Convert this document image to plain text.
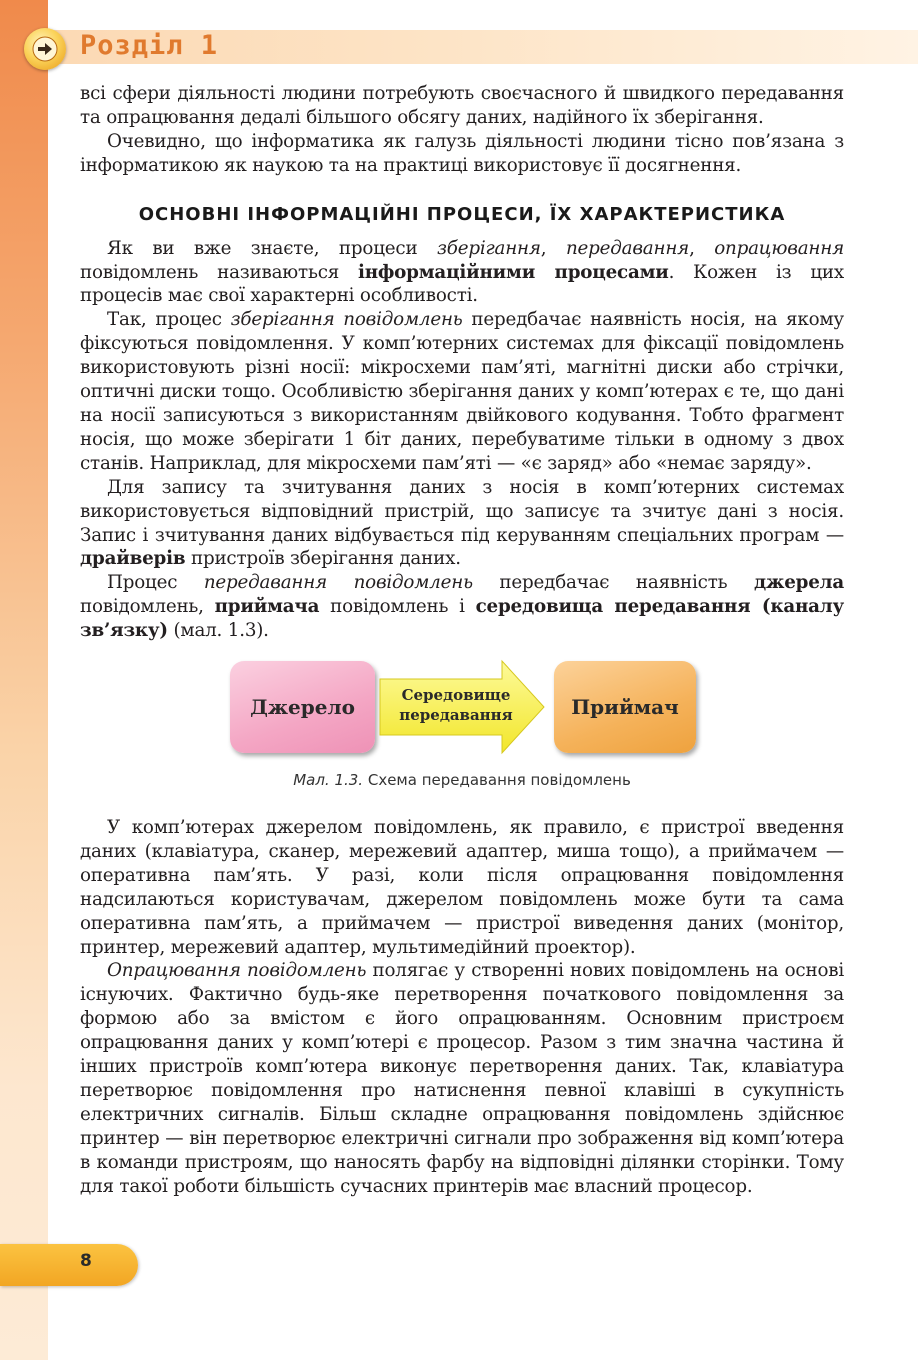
Розділ 1

всі сфери діяльності людини потребують своєчасного й швидкого передавання та опрацювання дедалі більшого обсягу даних, надійного їх зберігання.

Очевидно, що інформатика як галузь діяльності людини тісно пов’язана з інформатикою як наукою та на практиці використовує її досягнення.

ОСНОВНІ ІНФОРМАЦІЙНІ ПРОЦЕСИ, ЇХ ХАРАКТЕРИСТИКА

Як ви вже знаєте, процеси зберігання, передавання, опрацювання повідомлень називаються інформаційними процесами. Кожен із цих процесів має свої характерні особливості.

Так, процес зберігання повідомлень передбачає наявність носія, на якому фіксуються повідомлення. У комп’ютерних системах для фіксації повідомлень використовують різні носії: мікросхеми пам’яті, магнітні диски або стрічки, оптичні диски тощо. Особливістю зберігання даних у комп’ютерах є те, що дані на носії записуються з використанням двійкового кодування. Тобто фрагмент носія, що може зберігати 1 біт даних, перебуватиме тільки в одному з двох станів. Наприклад, для мікросхеми пам’яті — «є заряд» або «немає заряду».

Для запису та зчитування даних з носія в комп’ютерних системах використовується відповідний пристрій, що записує та зчитує дані з носія. Запис і зчитування даних відбувається під керуванням спеціальних програм — драйверів пристроїв зберігання даних.

Процес передавання повідомлень передбачає наявність джерела повідомлень, приймача повідомлень і середовища передавання (каналу зв’язку) (мал. 1.3).

Джерело	Середовище
передавання	Приймач
Мал. 1.3. Схема передавання повідомлень

У комп’ютерах джерелом повідомлень, як правило, є пристрої введення даних (клавіатура, сканер, мережевий адаптер, миша тощо), а приймачем — оперативна пам’ять. У разі, коли після опрацювання повідомлення надсилаються користувачам, джерелом повідомлень може бути та сама оперативна пам’ять, а приймачем — пристрої виведення даних (монітор, принтер, мережевий адаптер, мультимедійний проектор).

Опрацювання повідомлень полягає у створенні нових повідомлень на основі існуючих. Фактично будь-яке перетворення початкового повідомлення за формою або за вмістом є його опрацюванням. Основним пристроєм опрацювання даних у комп’ютері є процесор. Разом з тим значна частина й інших пристроїв комп’ютера виконує перетворення даних. Так, клавіатура перетворює повідомлення про натиснення певної клавіші в сукупність електричних сигналів. Більш складне опрацювання повідомлень здійснює принтер — він перетворює електричні сигнали про зображення від комп’ютера в команди пристроям, що наносять фарбу на відповідні ділянки сторінки. Тому для такої роботи більшість сучасних принтерів має власний процесор.

8
